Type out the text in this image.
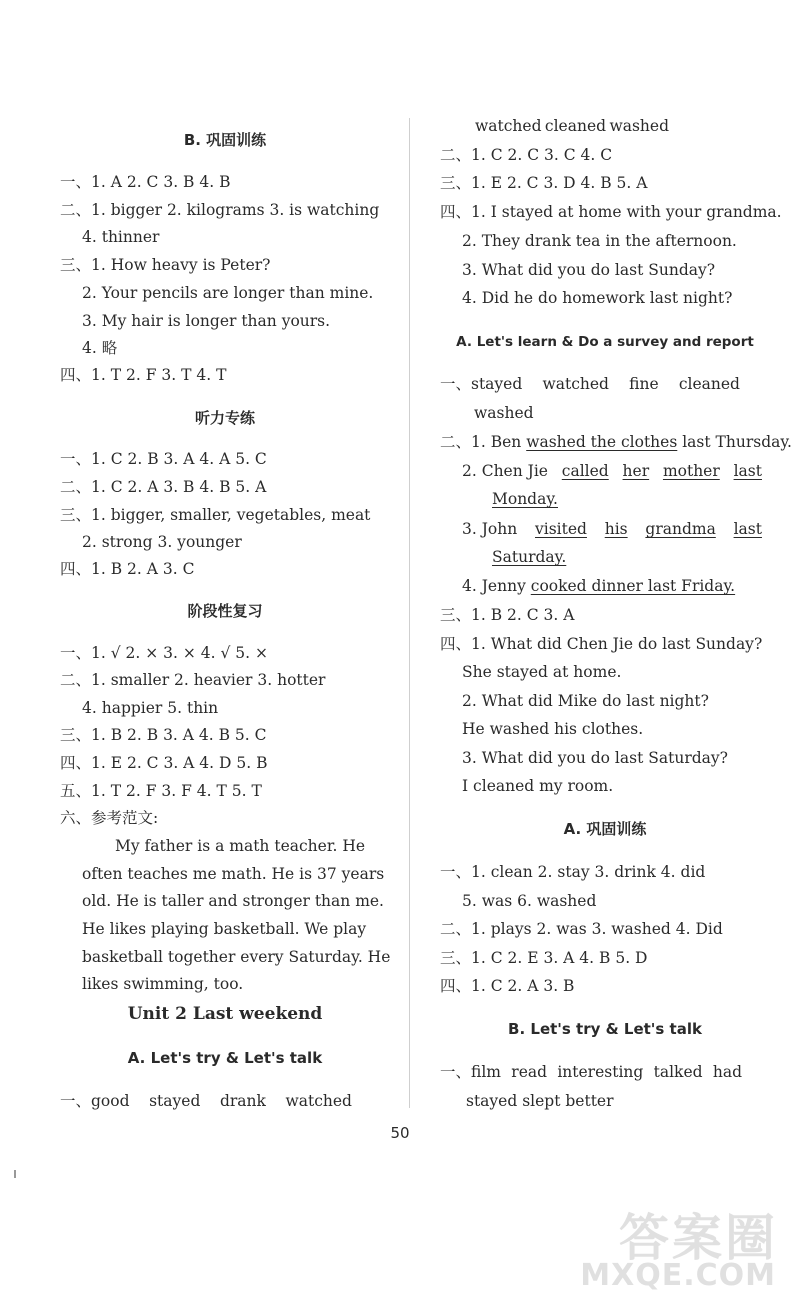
B. 巩固训练
一、1. A 2. C 3. B 4. B
二、1. bigger 2. kilograms 3. is watching
4. thinner
三、1. How heavy is Peter?
2. Your pencils are longer than mine.
3. My hair is longer than yours.
4. 略
四、1. T 2. F 3. T 4. T
听力专练
一、1. C 2. B 3. A 4. A 5. C
二、1. C 2. A 3. B 4. B 5. A
三、1. bigger, smaller, vegetables, meat
2. strong 3. younger
四、1. B 2. A 3. C
阶段性复习
一、1. √ 2. × 3. × 4. √ 5. ×
二、1. smaller 2. heavier 3. hotter
4. happier 5. thin
三、1. B 2. B 3. A 4. B 5. C
四、1. E 2. C 3. A 4. D 5. B
五、1. T 2. F 3. F 4. T 5. T
六、参考范文:
My father is a math teacher. He
often teaches me math. He is 37 years
old. He is taller and stronger than me.
He likes playing basketball. We play
basketball together every Saturday. He
likes swimming, too.
Unit 2 Last weekend
A. Let's try & Let's talk
一、good stayed drank watched
watched cleaned washed
二、1. C 2. C 3. C 4. C
三、1. E 2. C 3. D 4. B 5. A
四、1. I stayed at home with your grandma.
2. They drank tea in the afternoon.
3. What did you do last Sunday?
4. Did he do homework last night?
A. Let's learn & Do a survey and report
一、stayed watched fine cleaned
washed
二、1. Ben washed the clothes last Thursday.
2. Chen Jie called her mother last
Monday.
3. John visited his grandma last
Saturday.
4. Jenny cooked dinner last Friday.
三、1. B 2. C 3. A
四、1. What did Chen Jie do last Sunday?
She stayed at home.
2. What did Mike do last night?
He washed his clothes.
3. What did you do last Saturday?
I cleaned my room.
A. 巩固训练
一、1. clean 2. stay 3. drink 4. did
5. was 6. washed
二、1. plays 2. was 3. washed 4. Did
三、1. C 2. E 3. A 4. B 5. D
四、1. C 2. A 3. B
B. Let's try & Let's talk
一、film read interesting talked had
stayed slept better
50
答案圈
MXQE.COM
